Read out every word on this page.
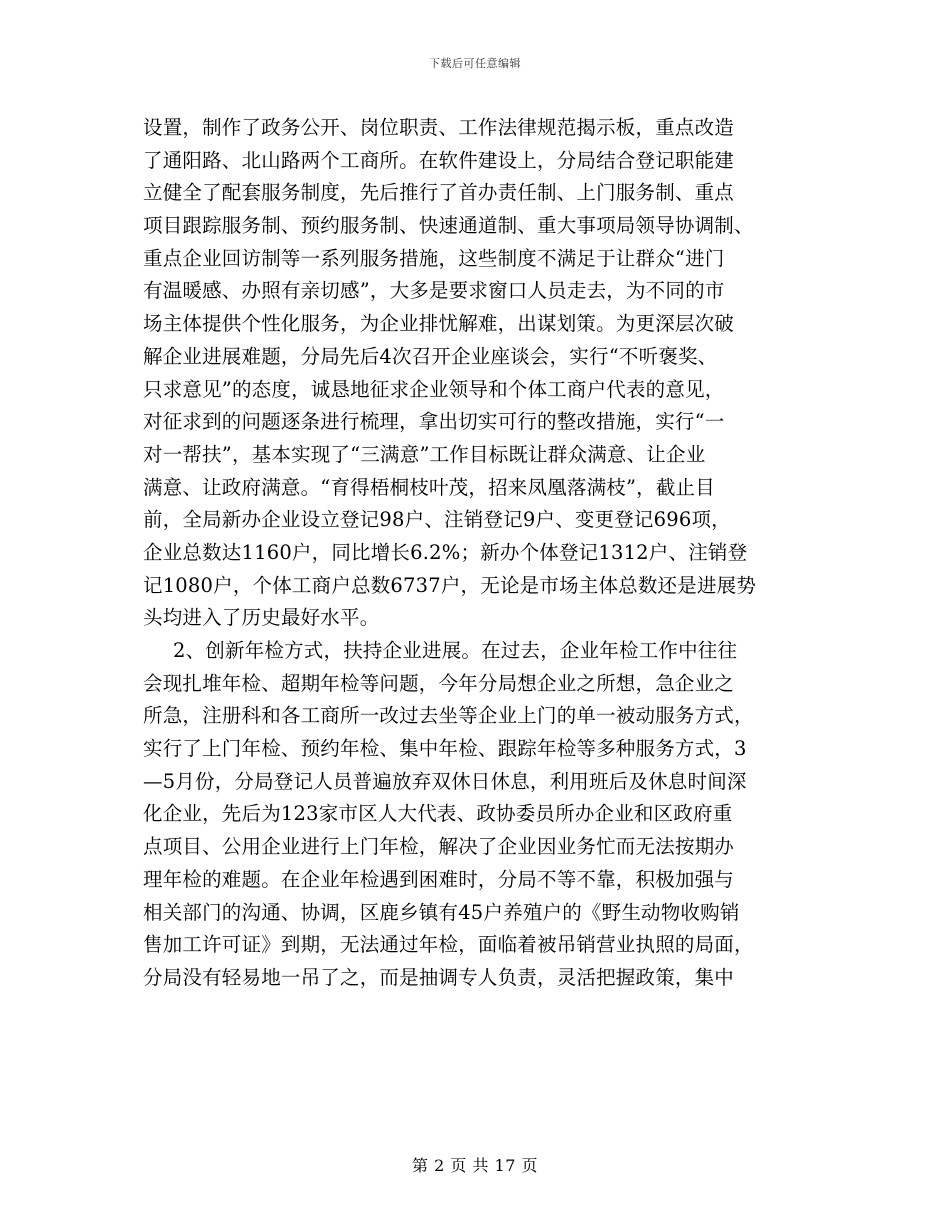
下载后可任意编辑
设置，制作了政务公开、岗位职责、工作法律规范揭示板，重点改造
了通阳路、北山路两个工商所。在软件建设上，分局结合登记职能建
立健全了配套服务制度，先后推行了首办责任制、上门服务制、重点
项目跟踪服务制、预约服务制、快速通道制、重大事项局领导协调制、
重点企业回访制等一系列服务措施，这些制度不满足于让群众“进门
有温暖感、办照有亲切感”，大多是要求窗口人员走去，为不同的市
场主体提供个性化服务，为企业排忧解难，出谋划策。为更深层次破
解企业进展难题，分局先后4次召开企业座谈会，实行“不听褒奖、
只求意见”的态度，诚恳地征求企业领导和个体工商户代表的意见，
对征求到的问题逐条进行梳理，拿出切实可行的整改措施，实行“一
对一帮扶”，基本实现了“三满意”工作目标既让群众满意、让企业
满意、让政府满意。“育得梧桐枝叶茂，招来凤凰落满枝”，截止目
前，全局新办企业设立登记98户、注销登记9户、变更登记696项，
企业总数达1160户，同比增长6.2%；新办个体登记1312户、注销登
记1080户，个体工商户总数6737户，无论是市场主体总数还是进展势
头均进入了历史最好水平。
2、创新年检方式，扶持企业进展。在过去，企业年检工作中往往
会现扎堆年检、超期年检等问题，今年分局想企业之所想，急企业之
所急，注册科和各工商所一改过去坐等企业上门的单一被动服务方式，
实行了上门年检、预约年检、集中年检、跟踪年检等多种服务方式，3
—5月份，分局登记人员普遍放弃双休日休息，利用班后及休息时间深
化企业，先后为123家市区人大代表、政协委员所办企业和区政府重
点项目、公用企业进行上门年检，解决了企业因业务忙而无法按期办
理年检的难题。在企业年检遇到困难时，分局不等不靠，积极加强与
相关部门的沟通、协调，区鹿乡镇有45户养殖户的《野生动物收购销
售加工许可证》到期，无法通过年检，面临着被吊销营业执照的局面，
分局没有轻易地一吊了之，而是抽调专人负责，灵活把握政策，集中
第 2 页 共 17 页
